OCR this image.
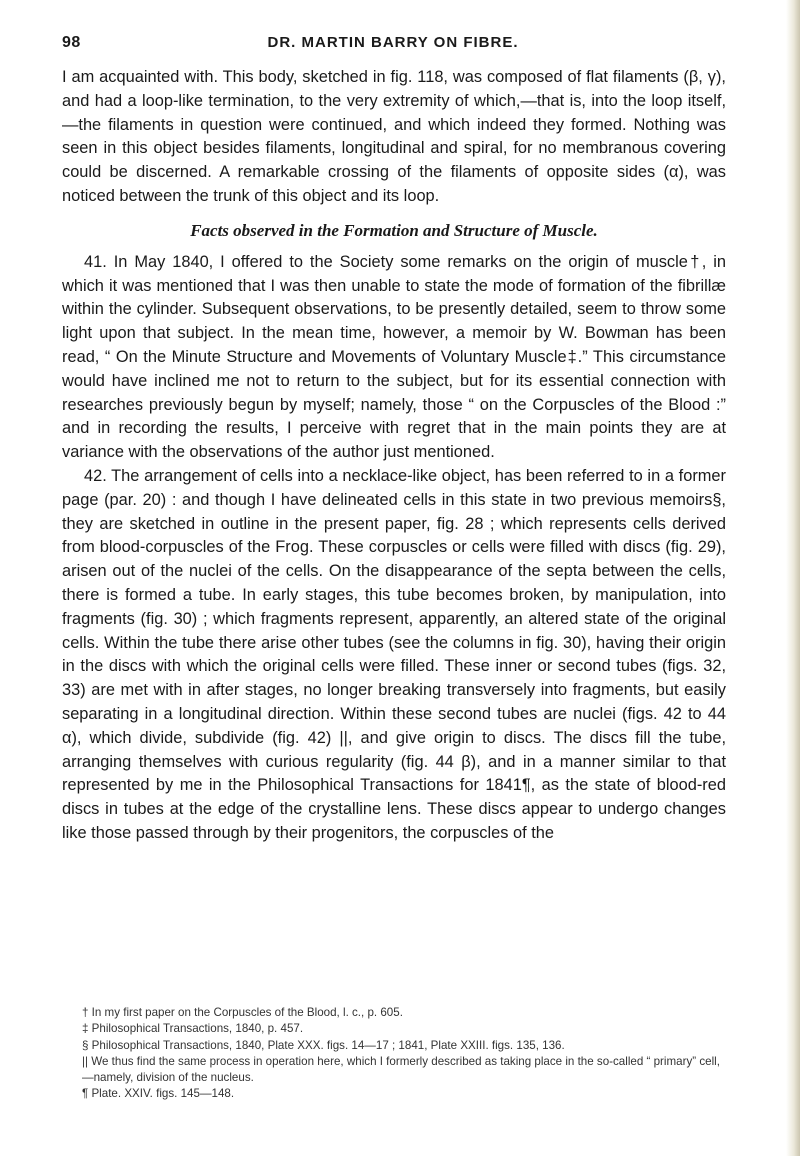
98	DR. MARTIN BARRY ON FIBRE.

I am acquainted with. This body, sketched in fig. 118, was composed of flat filaments (β, γ), and had a loop-like termination, to the very extremity of which,—that is, into the loop itself,—the filaments in question were continued, and which indeed they formed. Nothing was seen in this object besides filaments, longitudinal and spiral, for no membranous covering could be discerned. A remarkable crossing of the filaments of opposite sides (α), was noticed between the trunk of this object and its loop.

Facts observed in the Formation and Structure of Muscle.

41. In May 1840, I offered to the Society some remarks on the origin of muscle†, in which it was mentioned that I was then unable to state the mode of formation of the fibrillæ within the cylinder. Subsequent observations, to be presently detailed, seem to throw some light upon that subject. In the mean time, however, a memoir by W. Bowman has been read, “ On the Minute Structure and Movements of Voluntary Muscle‡.” This circumstance would have inclined me not to return to the subject, but for its essential connection with researches previously begun by myself; namely, those “ on the Corpuscles of the Blood :” and in recording the results, I perceive with regret that in the main points they are at variance with the observations of the author just mentioned.

42. The arrangement of cells into a necklace-like object, has been referred to in a former page (par. 20) : and though I have delineated cells in this state in two previous memoirs§, they are sketched in outline in the present paper, fig. 28 ; which represents cells derived from blood-corpuscles of the Frog. These corpuscles or cells were filled with discs (fig. 29), arisen out of the nuclei of the cells. On the disappearance of the septa between the cells, there is formed a tube. In early stages, this tube becomes broken, by manipulation, into fragments (fig. 30) ; which fragments represent, apparently, an altered state of the original cells. Within the tube there arise other tubes (see the columns in fig. 30), having their origin in the discs with which the original cells were filled. These inner or second tubes (figs. 32, 33) are met with in after stages, no longer breaking transversely into fragments, but easily separating in a longitudinal direction. Within these second tubes are nuclei (figs. 42 to 44 α), which divide, subdivide (fig. 42) ||, and give origin to discs. The discs fill the tube, arranging themselves with curious regularity (fig. 44 β), and in a manner similar to that represented by me in the Philosophical Transactions for 1841¶, as the state of blood-red discs in tubes at the edge of the crystalline lens. These discs appear to undergo changes like those passed through by their progenitors, the corpuscles of the

† In my first paper on the Corpuscles of the Blood, l. c., p. 605.

‡ Philosophical Transactions, 1840, p. 457.

§ Philosophical Transactions, 1840, Plate XXX. figs. 14—17 ; 1841, Plate XXIII. figs. 135, 136.

|| We thus find the same process in operation here, which I formerly described as taking place in the so-called “ primary” cell,—namely, division of the nucleus.

¶ Plate. XXIV. figs. 145—148.
